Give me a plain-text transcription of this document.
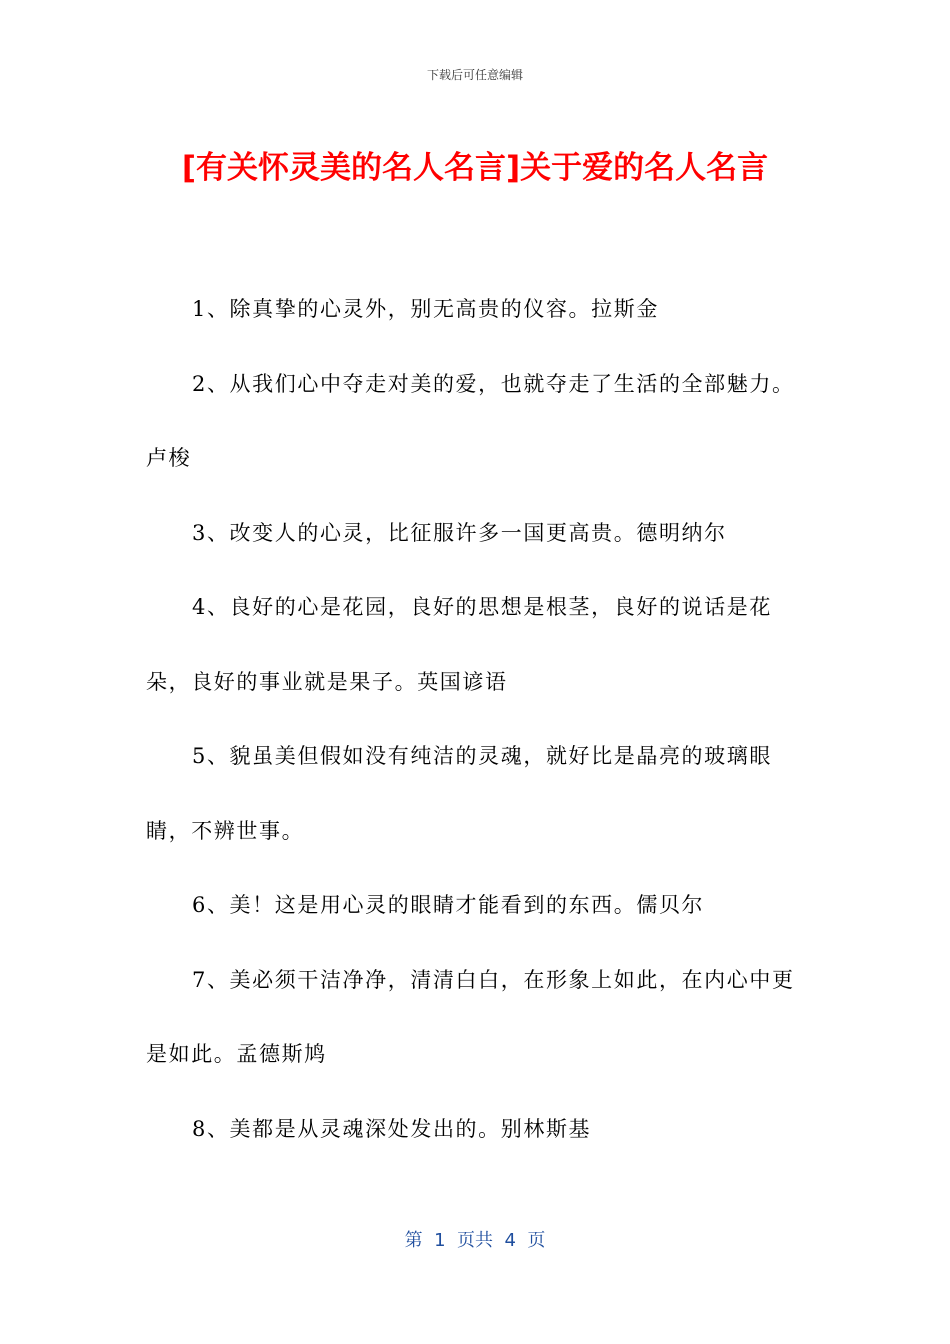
下载后可任意编辑
[有关怀灵美的名人名言]关于爱的名人名言

1、除真挚的心灵外，别无高贵的仪容。拉斯金

2、从我们心中夺走对美的爱，也就夺走了生活的全部魅力。卢梭

3、改变人的心灵，比征服许多一国更高贵。德明纳尔

4、良好的心是花园，良好的思想是根茎，良好的说话是花朵，良好的事业就是果子。英国谚语

5、貌虽美但假如没有纯洁的灵魂，就好比是晶亮的玻璃眼睛，不辨世事。

6、美！这是用心灵的眼睛才能看到的东西。儒贝尔

7、美必须干洁净净，清清白白，在形象上如此，在内心中更是如此。孟德斯鸠

8、美都是从灵魂深处发出的。别林斯基

第  1  页共  4  页
